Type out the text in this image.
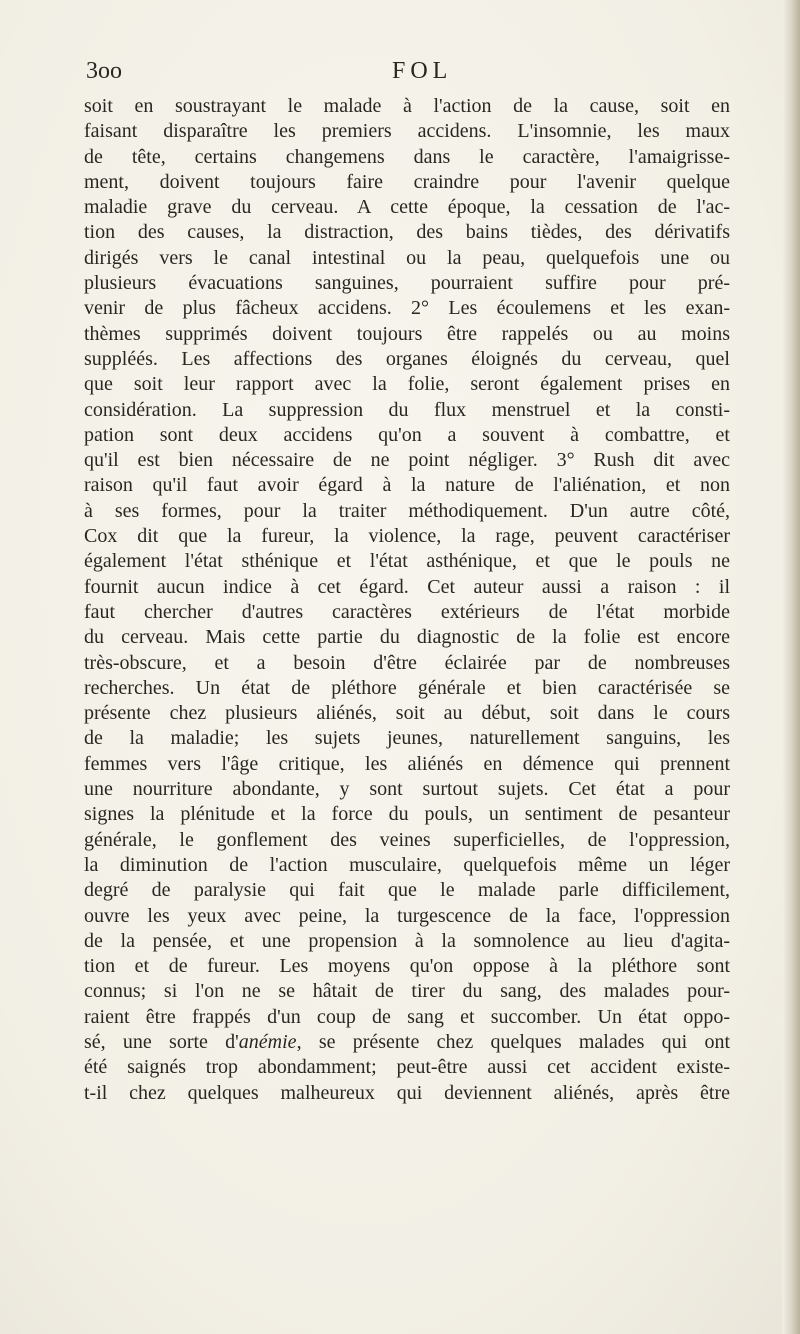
3oo	FOL
soit en soustrayant le malade à l'action de la cause, soit en
faisant disparaître les premiers accidens. L'insomnie, les maux
de tête, certains changemens dans le caractère, l'amaigrisse-
ment, doivent toujours faire craindre pour l'avenir quelque
maladie grave du cerveau. A cette époque, la cessation de l'ac-
tion des causes, la distraction, des bains tièdes, des dérivatifs
dirigés vers le canal intestinal ou la peau, quelquefois une ou
plusieurs évacuations sanguines, pourraient suffire pour pré-
venir de plus fâcheux accidens. 2° Les écoulemens et les exan-
thèmes supprimés doivent toujours être rappelés ou au moins
suppléés. Les affections des organes éloignés du cerveau, quel
que soit leur rapport avec la folie, seront également prises en
considération. La suppression du flux menstruel et la consti-
pation sont deux accidens qu'on a souvent à combattre, et
qu'il est bien nécessaire de ne point négliger. 3° Rush dit avec
raison qu'il faut avoir égard à la nature de l'aliénation, et non
à ses formes, pour la traiter méthodiquement. D'un autre côté,
Cox dit que la fureur, la violence, la rage, peuvent caractériser
également l'état sthénique et l'état asthénique, et que le pouls ne
fournit aucun indice à cet égard. Cet auteur aussi a raison : il
faut chercher d'autres caractères extérieurs de l'état morbide
du cerveau. Mais cette partie du diagnostic de la folie est encore
très-obscure, et a besoin d'être éclairée par de nombreuses
recherches. Un état de pléthore générale et bien caractérisée se
présente chez plusieurs aliénés, soit au début, soit dans le cours
de la maladie; les sujets jeunes, naturellement sanguins, les
femmes vers l'âge critique, les aliénés en démence qui prennent
une nourriture abondante, y sont surtout sujets. Cet état a pour
signes la plénitude et la force du pouls, un sentiment de pesanteur
générale, le gonflement des veines superficielles, de l'oppression,
la diminution de l'action musculaire, quelquefois même un léger
degré de paralysie qui fait que le malade parle difficilement,
ouvre les yeux avec peine, la turgescence de la face, l'oppression
de la pensée, et une propension à la somnolence au lieu d'agita-
tion et de fureur. Les moyens qu'on oppose à la pléthore sont
connus; si l'on ne se hâtait de tirer du sang, des malades pour-
raient être frappés d'un coup de sang et succomber. Un état oppo-
sé, une sorte d'anémie, se présente chez quelques malades qui ont
été saignés trop abondamment; peut-être aussi cet accident existe-
t-il chez quelques malheureux qui deviennent aliénés, après être
